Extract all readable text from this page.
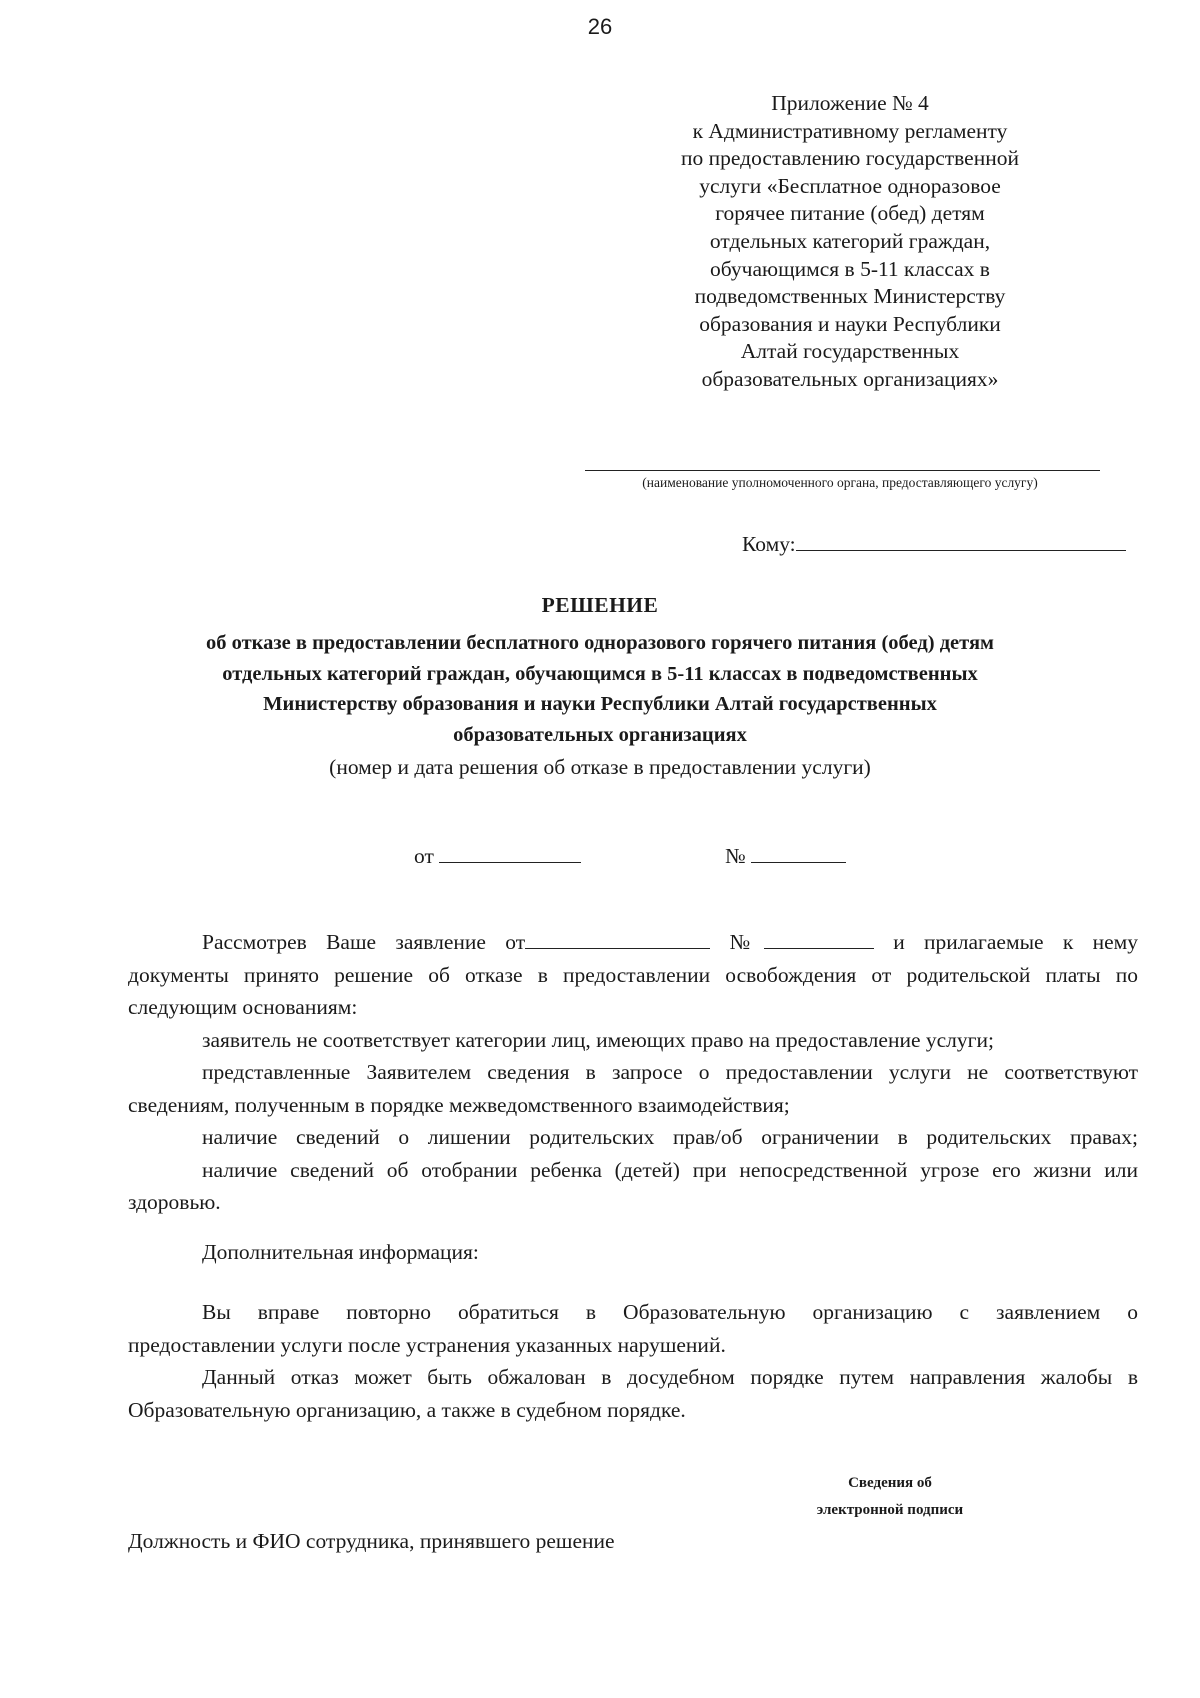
26
Приложение № 4
к Административному регламенту
по предоставлению государственной
услуги «Бесплатное одноразовое
горячее питание (обед) детям
отдельных категорий граждан,
обучающимся в 5-11 классах в
подведомственных Министерству
образования и науки Республики
Алтай государственных
образовательных организациях»
(наименование уполномоченного органа, предоставляющего услугу)
Кому:
РЕШЕНИЕ
об отказе в предоставлении бесплатного одноразового горячего питания (обед) детям
отдельных категорий граждан, обучающимся в 5-11 классах в подведомственных
Министерству образования и науки Республики Алтай государственных
образовательных организациях
(номер и дата решения об отказе в предоставлении услуги)
от	№

Рассмотрев Ваше заявление от	№	и прилагаемые к нему

документы принято решение об отказе в предоставлении освобождения от родительской платы по

следующим основаниям:

заявитель не соответствует категории лиц, имеющих право на предоставление услуги;

представленные Заявителем сведения в запросе о предоставлении услуги не соответствуют

сведениям, полученным в порядке межведомственного взаимодействия;

наличие сведений о лишении родительских прав/об ограничении в родительских правах;

наличие сведений об отобрании ребенка (детей) при непосредственной угрозе его жизни или

здоровью.

Дополнительная информация:

Вы вправе повторно обратиться в Образовательную организацию с заявлением о

предоставлении услуги после устранения указанных нарушений.

Данный отказ может быть обжалован в досудебном порядке путем направления жалобы в

Образовательную организацию, а также в судебном порядке.

Сведения об
электронной подписи
Должность и ФИО сотрудника, принявшего решение
